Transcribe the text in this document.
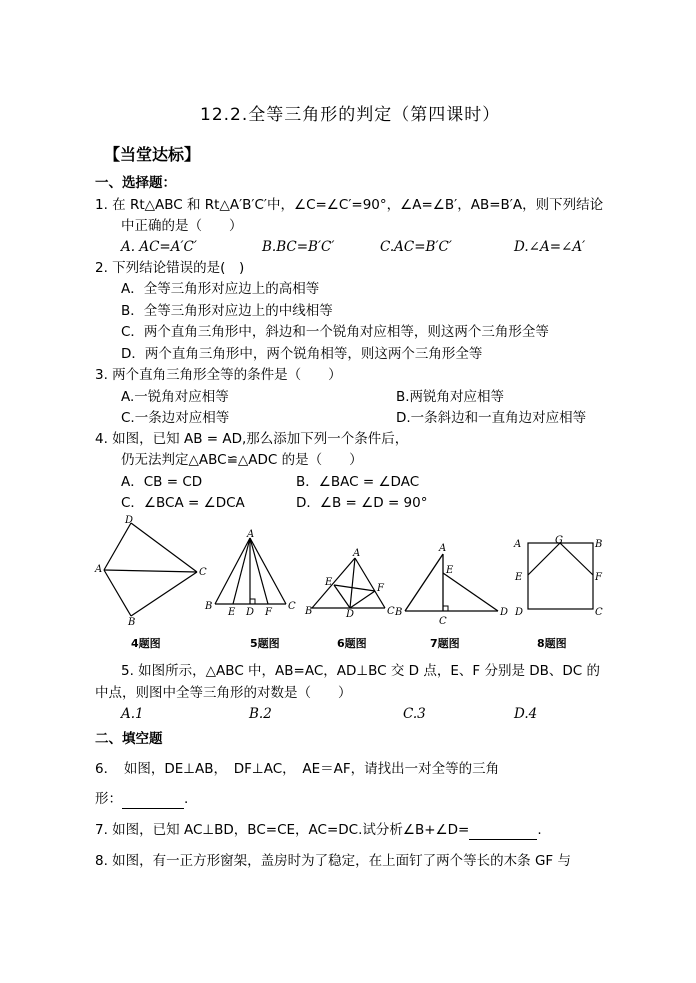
12.2.全等三角形的判定（第四课时）
【当堂达标】
一、选择题：
1. 在 Rt△ABC 和 Rt△A′B′C′中，∠C=∠C′=90°，∠A=∠B′，AB=B′A，则下列结论
中正确的是（　　）
A. AC=A′C′	B.BC=B′C′	C.AC=B′C′	D.∠A=∠A′
2. 下列结论错误的是(　)
A．全等三角形对应边上的高相等
B．全等三角形对应边上的中线相等
C．两个直角三角形中，斜边和一个锐角对应相等，则这两个三角形全等
D．两个直角三角形中，两个锐角相等，则这两个三角形全等
3. 两个直角三角形全等的条件是（　　）
A.一锐角对应相等	B.两锐角对应相等
C.一条边对应相等	D.一条斜边和一直角边对应相等
4. 如图，已知 AB = AD,那么添加下列一个条件后，
仍无法判定△ABC≌△ADC 的是（　　）
A．CB = CD	B．∠BAC = ∠DAC
C．∠BCA = ∠DCA	D．∠B = ∠D = 90°
D
A	C
B
4题图
A
B
E D F
C
5题图
A
E
F
B	D	C
6题图
A
E
B
C
D
7题图
A	G	B
E	F
D	C
8题图
5. 如图所示，△ABC 中，AB=AC，AD⊥BC 交 D 点，E、F 分别是 DB、DC 的
中点，则图中全等三角形的对数是（　　）
A.1	B.2	C.3	D.4
二、填空题
6．　如图，DE⊥AB，　DF⊥AC，　AE＝AF，请找出一对全等的三角
形：	.
7. 如图，已知 AC⊥BD，BC=CE，AC=DC.试分析∠B+∠D=	.
8. 如图，有一正方形窗架，盖房时为了稳定，在上面钉了两个等长的木条 GF 与
